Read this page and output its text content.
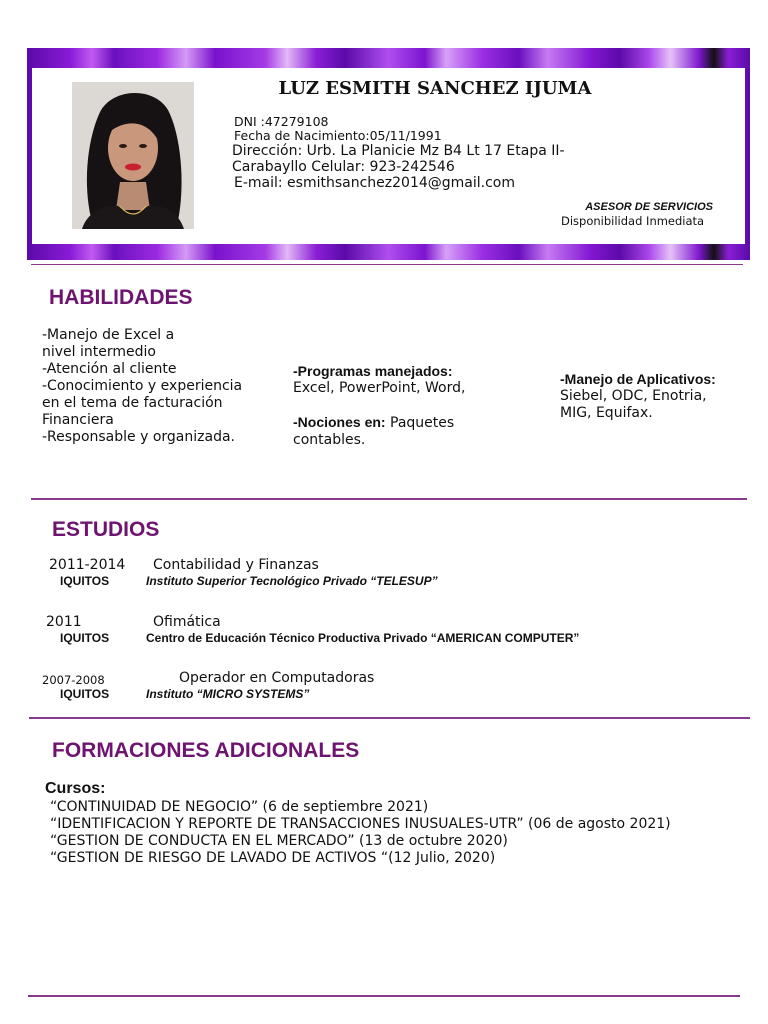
LUZ ESMITH SANCHEZ IJUMA
DNI :47279108
Fecha de Nacimiento:05/11/1991
Dirección: Urb. La Planicie Mz B4 Lt 17 Etapa II-
Carabayllo Celular: 923-242546
E-mail: esmithsanchez2014@gmail.com
ASESOR DE SERVICIOS
Disponibilidad Inmediata
HABILIDADES
-Manejo de Excel a
nivel intermedio
-Atención al cliente
-Conocimiento y experiencia
en el tema de facturación
Financiera
-Responsable y organizada.
-Programas manejados:
Excel, PowerPoint, Word,
-Nociones en: Paquetes
contables.
-Manejo de Aplicativos:
Siebel, ODC, Enotria,
MIG, Equifax.
ESTUDIOS
2011-2014 Contabilidad y Finanzas
IQUITOS	Instituto Superior Tecnológico Privado “TELESUP”
2011	Ofimática
IQUITOS	Centro de Educación Técnico Productiva Privado “AMERICAN COMPUTER”
2007-2008	Operador en Computadoras
IQUITOS	Instituto “MICRO SYSTEMS”
FORMACIONES ADICIONALES
Cursos:
“CONTINUIDAD DE NEGOCIO” (6 de septiembre 2021)
“IDENTIFICACION Y REPORTE DE TRANSACCIONES INUSUALES-UTR” (06 de agosto 2021)
“GESTION DE CONDUCTA EN EL MERCADO” (13 de octubre 2020)
“GESTION DE RIESGO DE LAVADO DE ACTIVOS “(12 Julio, 2020)
